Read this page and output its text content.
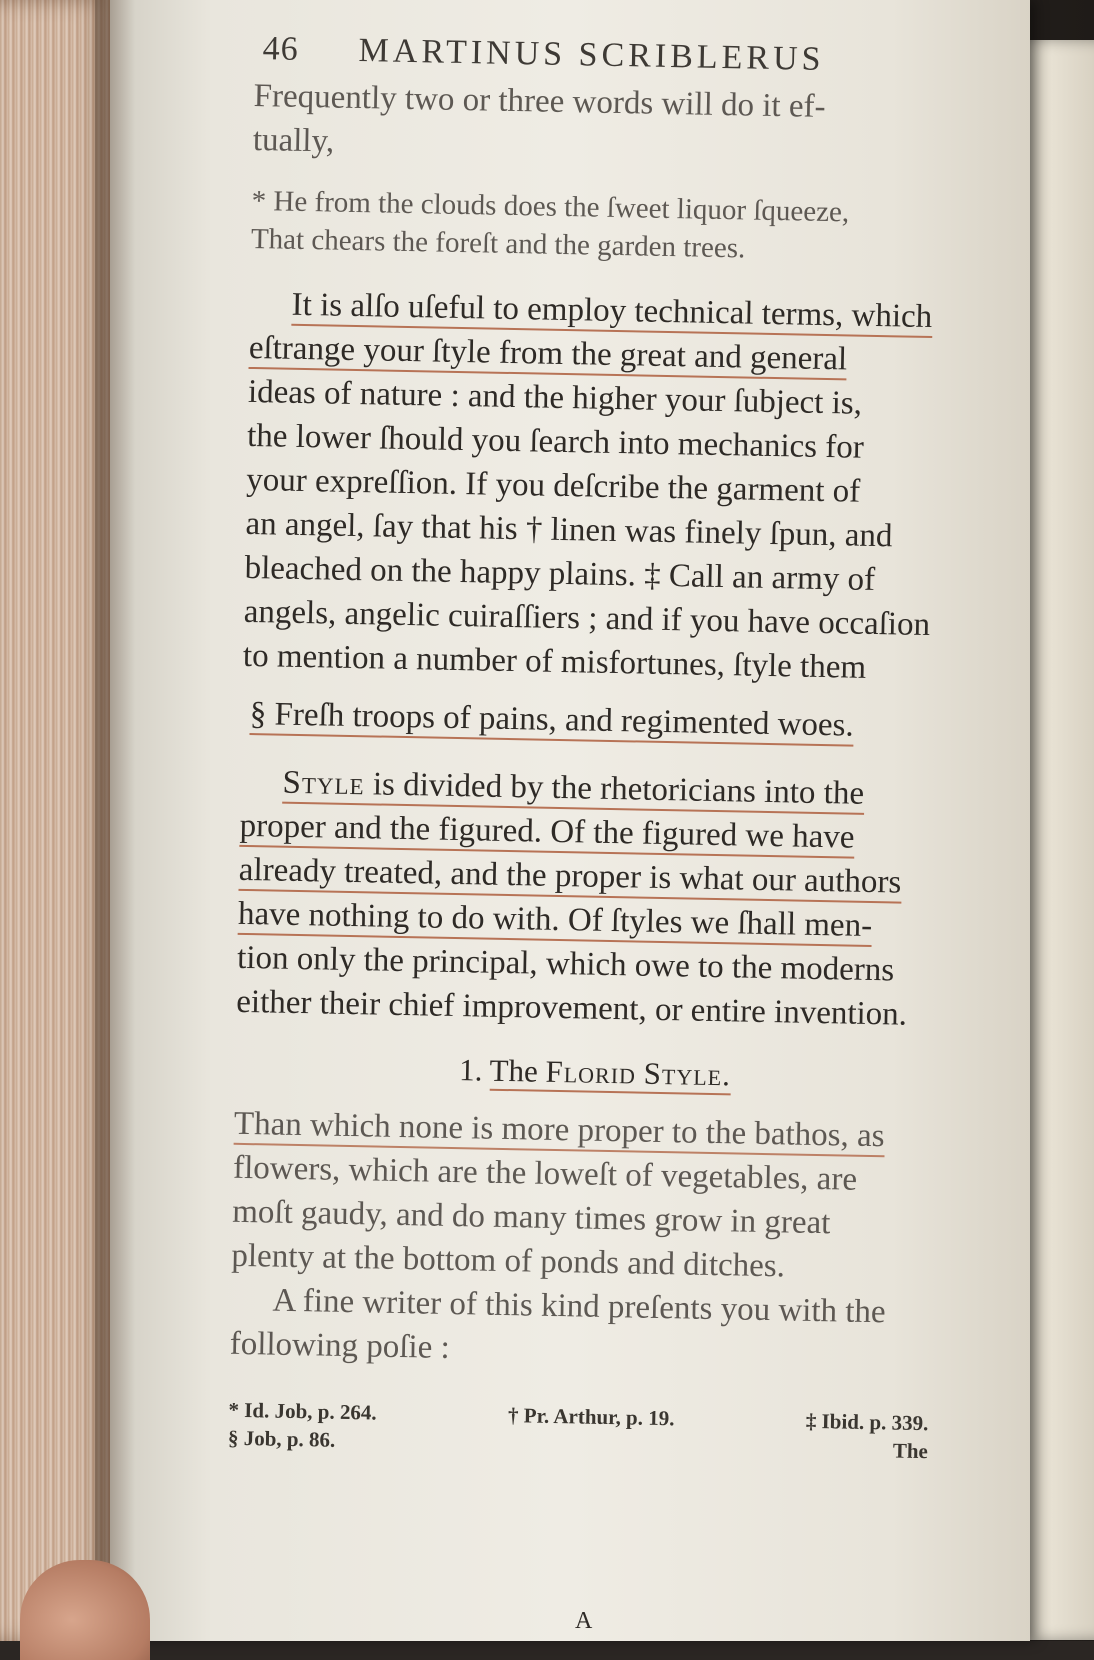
46 MARTINUS SCRIBLERUS
Frequently two or three words will do it ef-
tually,
* He from the clouds does the ſweet liquor ſqueeze,
That chears the foreſt and the garden trees.
It is alſo uſeful to employ technical terms, which
eſtrange your ſtyle from the great and general
ideas of nature : and the higher your ſubject is,
the lower ſhould you ſearch into mechanics for
your expreſſion. If you deſcribe the garment of
an angel, ſay that his † linen was finely ſpun, and
bleached on the happy plains. ‡ Call an army of
angels, angelic cuiraſſiers ; and if you have occaſion
to mention a number of misfortunes, ſtyle them
§ Freſh troops of pains, and regimented woes.
Style is divided by the rhetoricians into the
proper and the figured. Of the figured we have
already treated, and the proper is what our authors
have nothing to do with. Of ſtyles we ſhall men-
tion only the principal, which owe to the moderns
either their chief improvement, or entire invention.
1. The Florid Style.
Than which none is more proper to the bathos, as
flowers, which are the loweſt of vegetables, are
moſt gaudy, and do many times grow in great
plenty at the bottom of ponds and ditches.
A fine writer of this kind preſents you with the
following poſie :
* Id. Job, p. 264.	† Pr. Arthur, p. 19.	‡ Ibid. p. 339.
§ Job, p. 86.	The
A
